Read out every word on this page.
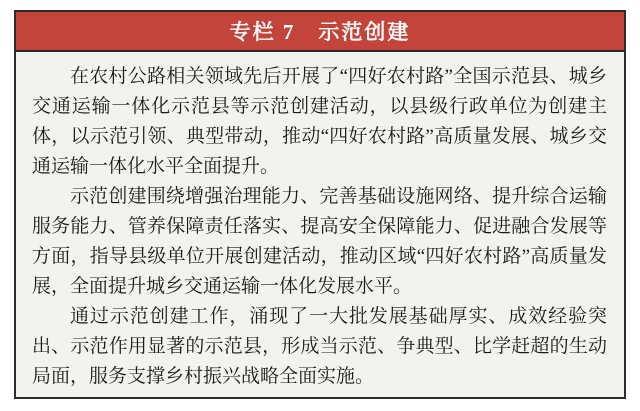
专栏 7　示范创建

在农村公路相关领域先后开展了“四好农村路”全国示范县、城乡交通运输一体化示范县等示范创建活动，以县级行政单位为创建主体，以示范引领、典型带动，推动“四好农村路”高质量发展、城乡交通运输一体化水平全面提升。

示范创建围绕增强治理能力、完善基础设施网络、提升综合运输服务能力、管养保障责任落实、提高安全保障能力、促进融合发展等方面，指导县级单位开展创建活动，推动区域“四好农村路”高质量发展，全面提升城乡交通运输一体化发展水平。

通过示范创建工作，涌现了一大批发展基础厚实、成效经验突出、示范作用显著的示范县，形成当示范、争典型、比学赶超的生动局面，服务支撑乡村振兴战略全面实施。
